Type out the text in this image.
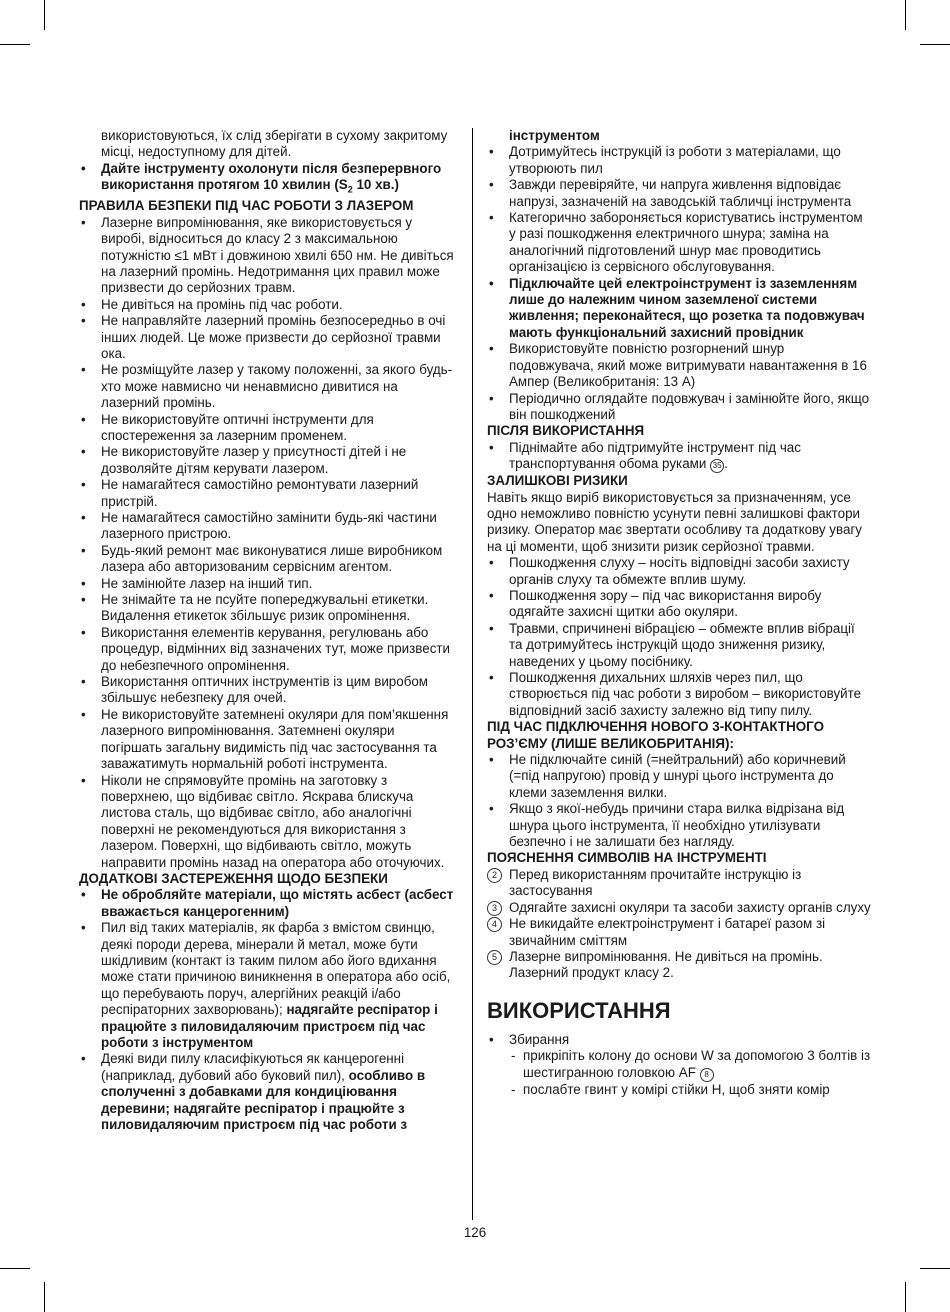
використовуються, їх слід зберігати в сухому закритому місці, недоступному для дітей.

• Дайте інструменту охолонути після безперервного використання протягом 10 хвилин ($S_2$ 10 хв.)

ПРАВИЛА БЕЗПЕКИ ПІД ЧАС РОБОТИ З ЛАЗЕРОМ

• Лазерне випромінювання, яке використовується у виробі, відноситься до класу 2 з максимальною потужністю ≤1 мВт і довжиною хвилі 650 нм. Не дивіться на лазерний промінь. Недотримання цих правил може призвести до серйозних травм.
• Не дивіться на промінь під час роботи.
• Не направляйте лазерний промінь безпосередньо в очі інших людей. Це може призвести до серйозної травми ока.
• Не розміщуйте лазер у такому положенні, за якого будь-хто може навмисно чи ненавмисно дивитися на лазерний промінь.
• Не використовуйте оптичні інструменти для спостереження за лазерним променем.
• Не використовуйте лазер у присутності дітей і не дозволяйте дітям керувати лазером.
• Не намагайтеся самостійно ремонтувати лазерний пристрій.
• Не намагайтеся самостійно замінити будь-які частини лазерного пристрою.
• Будь-який ремонт має виконуватися лише виробником лазера або авторизованим сервісним агентом.
• Не замінюйте лазер на інший тип.
• Не знімайте та не псуйте попереджувальні етикетки. Видалення етикеток збільшує ризик опромінення.
• Використання елементів керування, регулювань або процедур, відмінних від зазначених тут, може призвести до небезпечного опромінення.
• Використання оптичних інструментів із цим виробом збільшує небезпеку для очей.
• Не використовуйте затемнені окуляри для пом’якшення лазерного випромінювання. Затемнені окуляри погіршать загальну видимість під час застосування та заважатимуть нормальній роботі інструмента.
• Ніколи не спрямовуйте промінь на заготовку з поверхнею, що відбиває світло. Яскрава блискуча листова сталь, що відбиває світло, або аналогічні поверхні не рекомендуються для використання з лазером. Поверхні, що відбивають світло, можуть направити промінь назад на оператора або оточуючих.

ДОДАТКОВІ ЗАСТЕРЕЖЕННЯ ЩОДО БЕЗПЕКИ

• Не обробляйте матеріали, що містять асбест (асбест вважається канцерогенним)
• Пил від таких матеріалів, як фарба з вмістом свинцю, деякі породи дерева, мінерали й метал, може бути шкідливим (контакт із таким пилом або його вдихання може стати причиною виникнення в оператора або осіб, що перебувають поруч, алергійних реакцій і/або респіраторних захворювань); надягайте респіратор і працюйте з пиловидаляючим пристроєм під час роботи з інструментом
• Деякі види пилу класифікуються як канцерогенні (наприклад, дубовий або буковий пил), особливо в сполученні з добавками для кондиціювання деревини; надягайте респіратор і працюйте з пиловидаляючим пристроєм під час роботи з

інструментом

• Дотримуйтесь інструкцій із роботи з матеріалами, що утворюють пил
• Завжди перевіряйте, чи напруга живлення відповідає напрузі, зазначеній на заводській табличці інструмента
• Категорично забороняється користуватись інструментом у разі пошкодження електричного шнура; заміна на аналогічний підготовлений шнур має проводитись організацією із сервісного обслуговування.
• Підключайте цей електроінструмент із заземленням лише до належним чином заземленої системи живлення; переконайтеся, що розетка та подовжувач мають функціональний захисний провідник
• Використовуйте повністю розгорнений шнур подовжувача, який може витримувати навантаження в 16 Ампер (Великобританія: 13 А)
• Періодично оглядайте подовжувач і замінюйте його, якщо він пошкоджений

ПІСЛЯ ВИКОРИСТАННЯ

• Піднімайте або підтримуйте інструмент під час транспортування обома руками 35 .

ЗАЛИШКОВІ РИЗИКИ

Навіть якщо виріб використовується за призначенням, усе одно неможливо повністю усунути певні залишкові фактори ризику. Оператор має звертати особливу та додаткову увагу на ці моменти, щоб знизити ризик серйозної травми.

• Пошкодження слуху – носіть відповідні засоби захисту органів слуху та обмежте вплив шуму.
• Пошкодження зору – під час використання виробу одягайте захисні щитки або окуляри.
• Травми, спричинені вібрацією – обмежте вплив вібрації та дотримуйтесь інструкцій щодо зниження ризику, наведених у цьому посібнику.
• Пошкодження дихальних шляхів через пил, що створюється під час роботи з виробом – використовуйте відповідний засіб захисту залежно від типу пилу.

ПІД ЧАС ПІДКЛЮЧЕННЯ НОВОГО 3-КОНТАКТНОГО РОЗ’ЄМУ (ЛИШЕ ВЕЛИКОБРИТАНІЯ):

• Не підключайте синій (=нейтральний) або коричневий (=під напругою) провід у шнурі цього інструмента до клеми заземлення вилки.
• Якщо з якої-небудь причини стара вилка відрізана від шнура цього інструмента, її необхідно утилізувати безпечно і не залишати без нагляду.

ПОЯСНЕННЯ СИМВОЛІВ НА ІНСТРУМЕНТІ

2 Перед використанням прочитайте інструкцію із застосування
3 Одягайте захисні окуляри та засоби захисту органів слуху
4 Не викидайте електроінструмент і батареї разом зі звичайним сміттям
5 Лазерне випромінювання. Не дивіться на промінь. Лазерний продукт класу 2.
ВИКОРИСТАННЯ
• Збирання
- прикріпіть колону до основи W за допомогою 3 болтів із шестигранною головкою AF 8
- послабте гвинт у комірі стійки H, щоб зняти комір
126
